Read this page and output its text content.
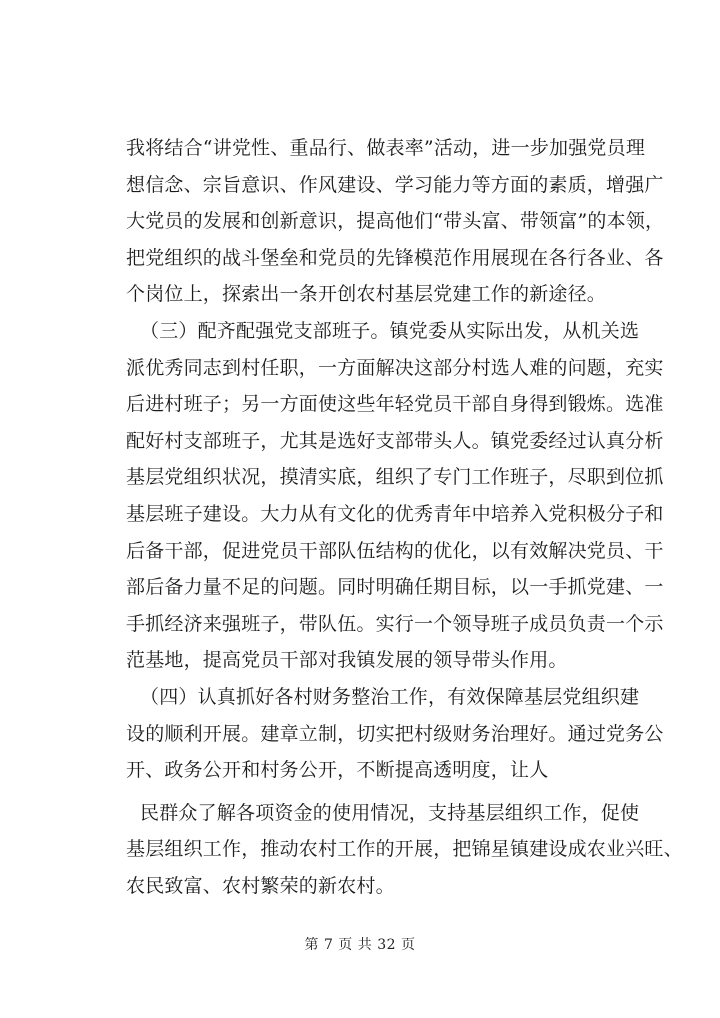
我将结合“讲党性、重品行、做表率”活动，进一步加强党员理
想信念、宗旨意识、作风建设、学习能力等方面的素质，增强广
大党员的发展和创新意识，提高他们“带头富、带领富”的本领，
把党组织的战斗堡垒和党员的先锋模范作用展现在各行各业、各
个岗位上，探索出一条开创农村基层党建工作的新途径。
（三）配齐配强党支部班子。镇党委从实际出发，从机关选
派优秀同志到村任职，一方面解决这部分村选人难的问题，充实
后进村班子；另一方面使这些年轻党员干部自身得到锻炼。选准
配好村支部班子，尤其是选好支部带头人。镇党委经过认真分析
基层党组织状况，摸清实底，组织了专门工作班子，尽职到位抓
基层班子建设。大力从有文化的优秀青年中培养入党积极分子和
后备干部，促进党员干部队伍结构的优化，以有效解决党员、干
部后备力量不足的问题。同时明确任期目标，以一手抓党建、一
手抓经济来强班子，带队伍。实行一个领导班子成员负责一个示
范基地，提高党员干部对我镇发展的领导带头作用。
（四）认真抓好各村财务整治工作，有效保障基层党组织建
设的顺利开展。建章立制，切实把村级财务治理好。通过党务公
开、政务公开和村务公开，不断提高透明度，让人
民群众了解各项资金的使用情况，支持基层组织工作，促使
基层组织工作，推动农村工作的开展，把锦星镇建设成农业兴旺、
农民致富、农村繁荣的新农村。
第 7 页 共 32 页
